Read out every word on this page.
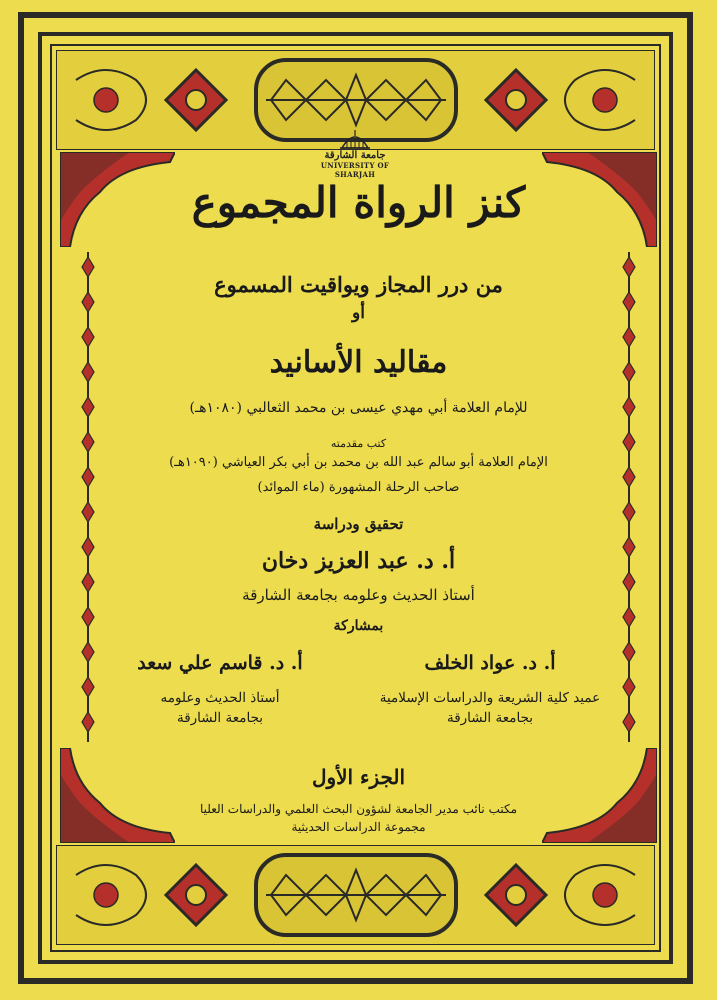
جامعة الشارقة
UNIVERSITY OF SHARJAH
كنز الرواة المجموع
من درر المجاز ويواقيت المسموع
أو
مقاليد الأسانيد
للإمام العلامة أبي مهدي عيسى بن محمد الثعالبي (١٠٨٠هـ)
كتب مقدمته
الإمام العلامة أبو سالم عبد الله بن محمد بن أبي بكر العياشي (١٠٩٠هـ)
صاحب الرحلة المشهورة (ماء الموائد)
تحقيق ودراسة
أ. د. عبد العزيز دخان
أستاذ الحديث وعلومه بجامعة الشارقة
بمشاركة
أ. د. عواد الخلف
عميد كلية الشريعة والدراسات الإسلامية
بجامعة الشارقة
أ. د. قاسم علي سعد
أستاذ الحديث وعلومه
بجامعة الشارقة
الجزء الأول
مكتب نائب مدير الجامعة لشؤون البحث العلمي والدراسات العليا
مجموعة الدراسات الحديثية
